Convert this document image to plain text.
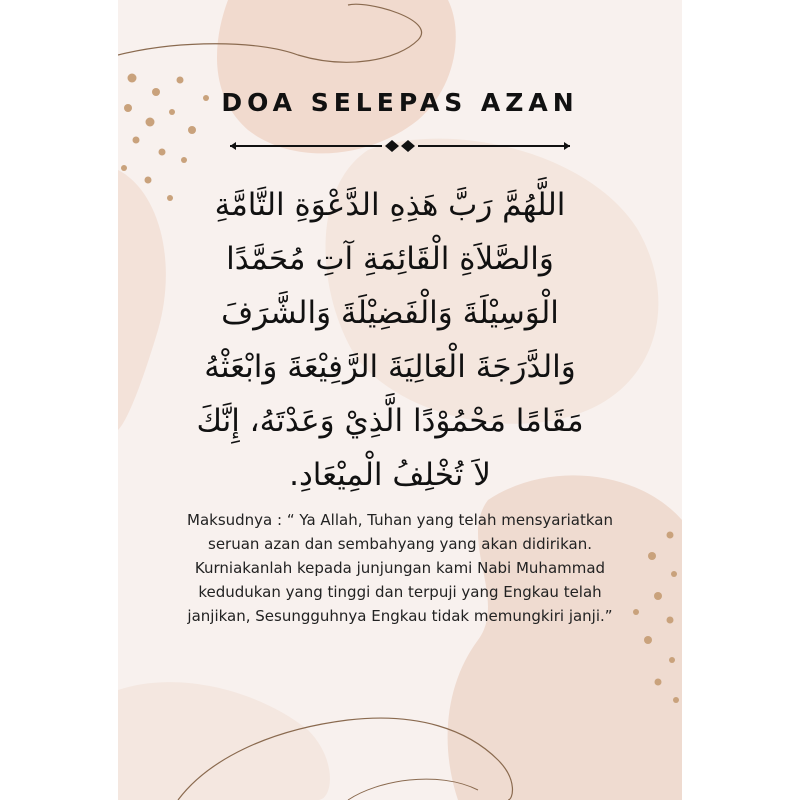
DOA SELEPAS AZAN
اللَّهُمَّ رَبَّ هَذِهِ الدَّعْوَةِ التَّامَّةِ
وَالصَّلاَةِ الْقَائِمَةِ آتِ مُحَمَّدًا
الْوَسِيْلَةَ وَالْفَضِيْلَةَ وَالشَّرَفَ
وَالدَّرَجَةَ الْعَالِيَةَ الرَّفِيْعَةَ وَابْعَثْهُ
مَقَامًا مَحْمُوْدًا الَّذِيْ وَعَدْتَهُ، إِنَّكَ
لاَ تُخْلِفُ الْمِيْعَادِ.
Maksudnya : “ Ya Allah, Tuhan yang telah mensyariatkan
seruan azan dan sembahyang yang akan didirikan.
Kurniakanlah kepada junjungan kami Nabi Muhammad
kedudukan yang tinggi dan terpuji yang Engkau telah
janjikan, Sesungguhnya Engkau tidak memungkiri janji.”
